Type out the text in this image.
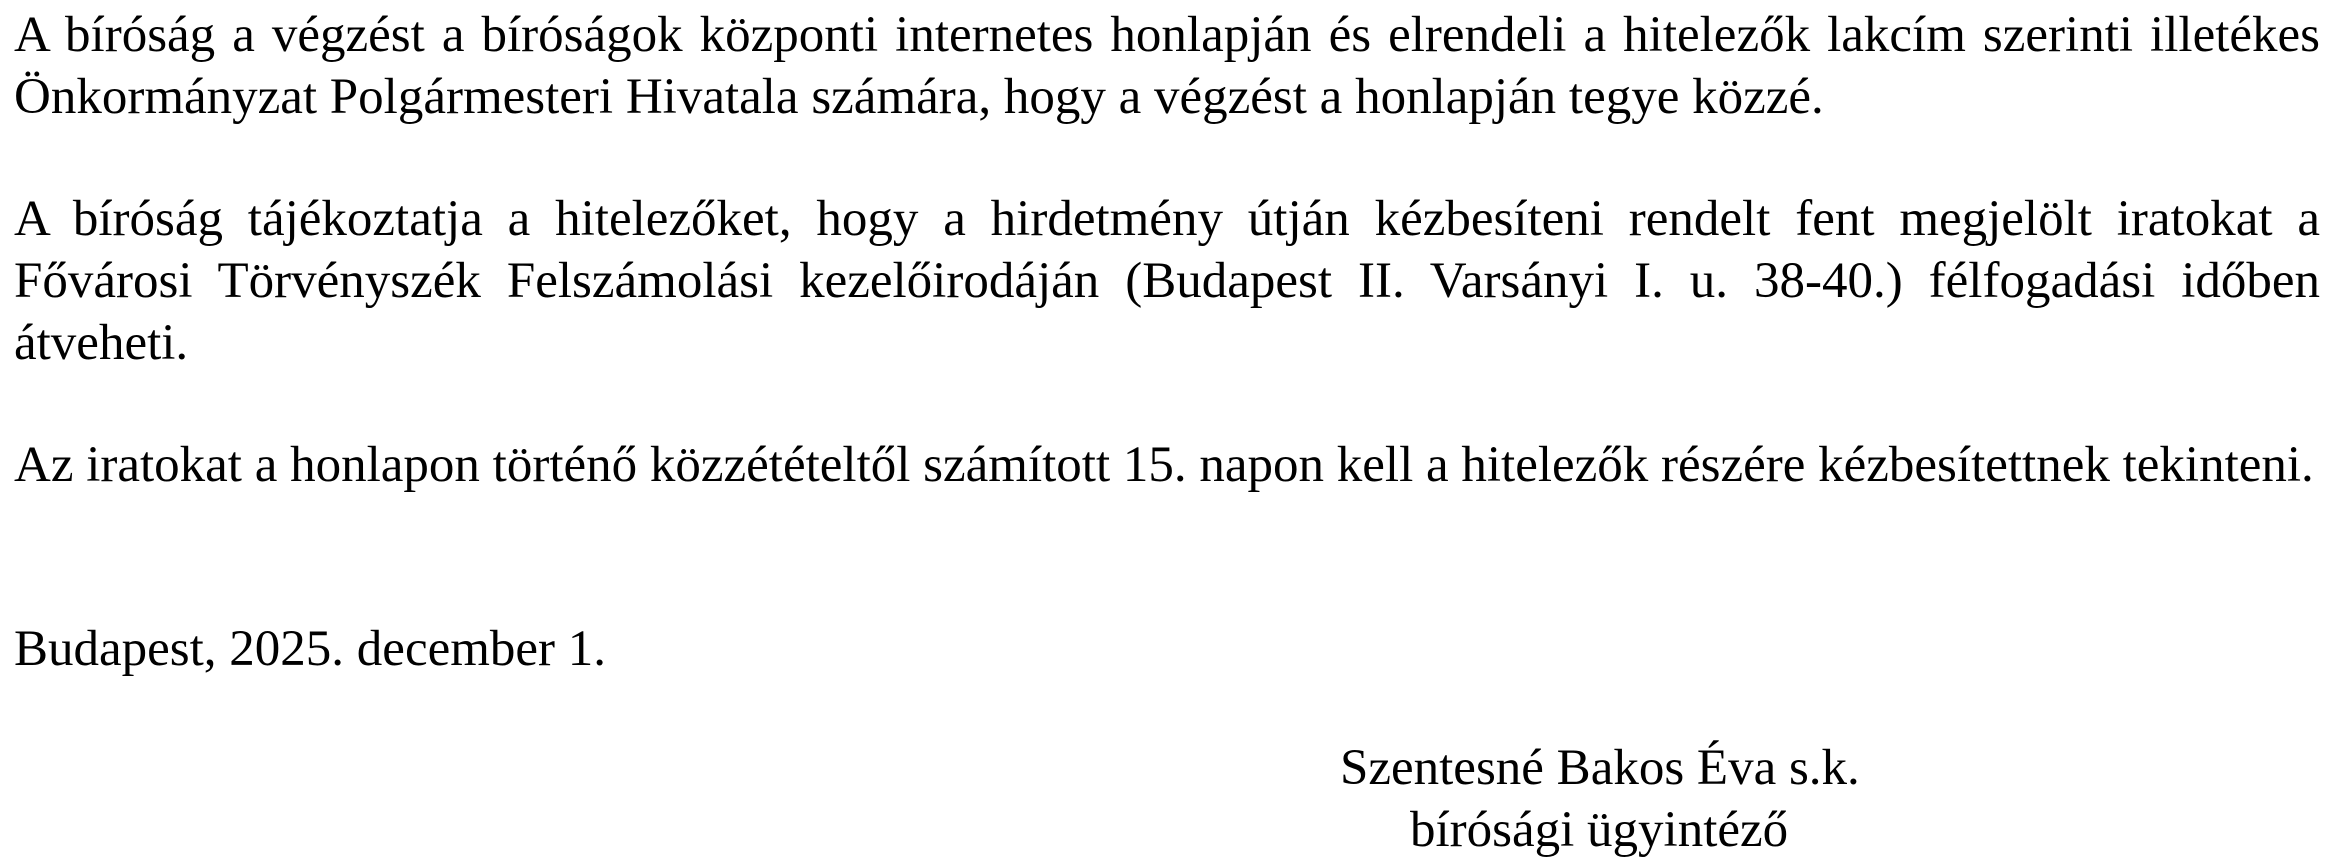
A bíróság a végzést a bíróságok központi internetes honlapján és elrendeli a hitelezők lakcím szerinti illetékes Önkormányzat Polgármesteri Hivatala számára, hogy a végzést a honlapján tegye közzé.

A bíróság tájékoztatja a hitelezőket, hogy a hirdetmény útján kézbesíteni rendelt fent megjelölt iratokat a Fővárosi Törvényszék Felszámolási kezelőirodáján (Budapest II. Varsányi I. u. 38-40.) félfogadási időben átveheti.

Az iratokat a honlapon történő közzétételtől számított 15. napon kell a hitelezők részére kézbesítettnek tekinteni.

Budapest, 2025. december 1.

Szentesné Bakos Éva s.k.
bírósági ügyintéző
